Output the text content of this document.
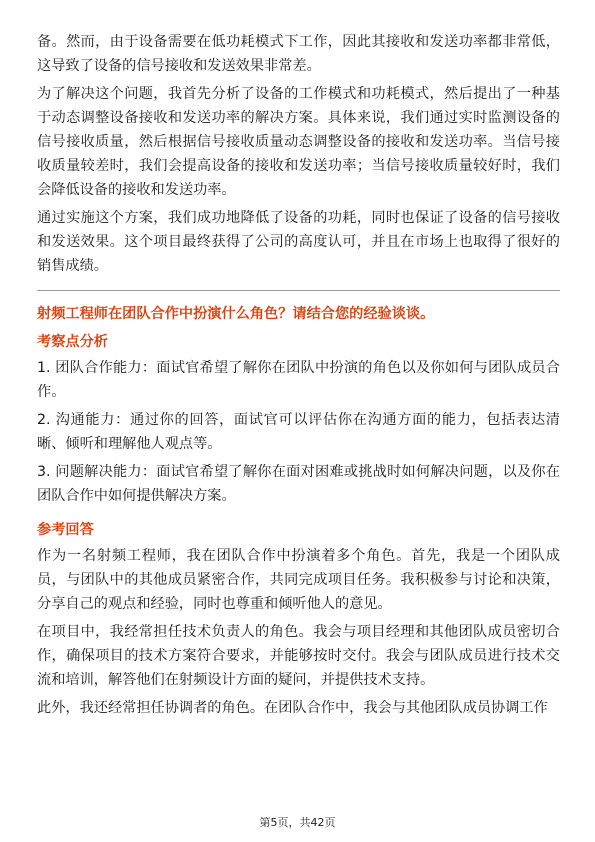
备。然而，由于设备需要在低功耗模式下工作，因此其接收和发送功率都非常低，这导致了设备的信号接收和发送效果非常差。

为了解决这个问题，我首先分析了设备的工作模式和功耗模式，然后提出了一种基于动态调整设备接收和发送功率的解决方案。具体来说，我们通过实时监测设备的信号接收质量，然后根据信号接收质量动态调整设备的接收和发送功率。当信号接收质量较差时，我们会提高设备的接收和发送功率；当信号接收质量较好时，我们会降低设备的接收和发送功率。

通过实施这个方案，我们成功地降低了设备的功耗，同时也保证了设备的信号接收和发送效果。这个项目最终获得了公司的高度认可，并且在市场上也取得了很好的销售成绩。

射频工程师在团队合作中扮演什么角色？请结合您的经验谈谈。

考察点分析

1. 团队合作能力：面试官希望了解你在团队中扮演的角色以及你如何与团队成员合作。

2. 沟通能力：通过你的回答，面试官可以评估你在沟通方面的能力，包括表达清晰、倾听和理解他人观点等。

3. 问题解决能力：面试官希望了解你在面对困难或挑战时如何解决问题，以及你在团队合作中如何提供解决方案。

参考回答

作为一名射频工程师，我在团队合作中扮演着多个角色。首先，我是一个团队成员，与团队中的其他成员紧密合作，共同完成项目任务。我积极参与讨论和决策，分享自己的观点和经验，同时也尊重和倾听他人的意见。

在项目中，我经常担任技术负责人的角色。我会与项目经理和其他团队成员密切合作，确保项目的技术方案符合要求，并能够按时交付。我会与团队成员进行技术交流和培训，解答他们在射频设计方面的疑问，并提供技术支持。

此外，我还经常担任协调者的角色。在团队合作中，我会与其他团队成员协调工作

第5页，共42页
